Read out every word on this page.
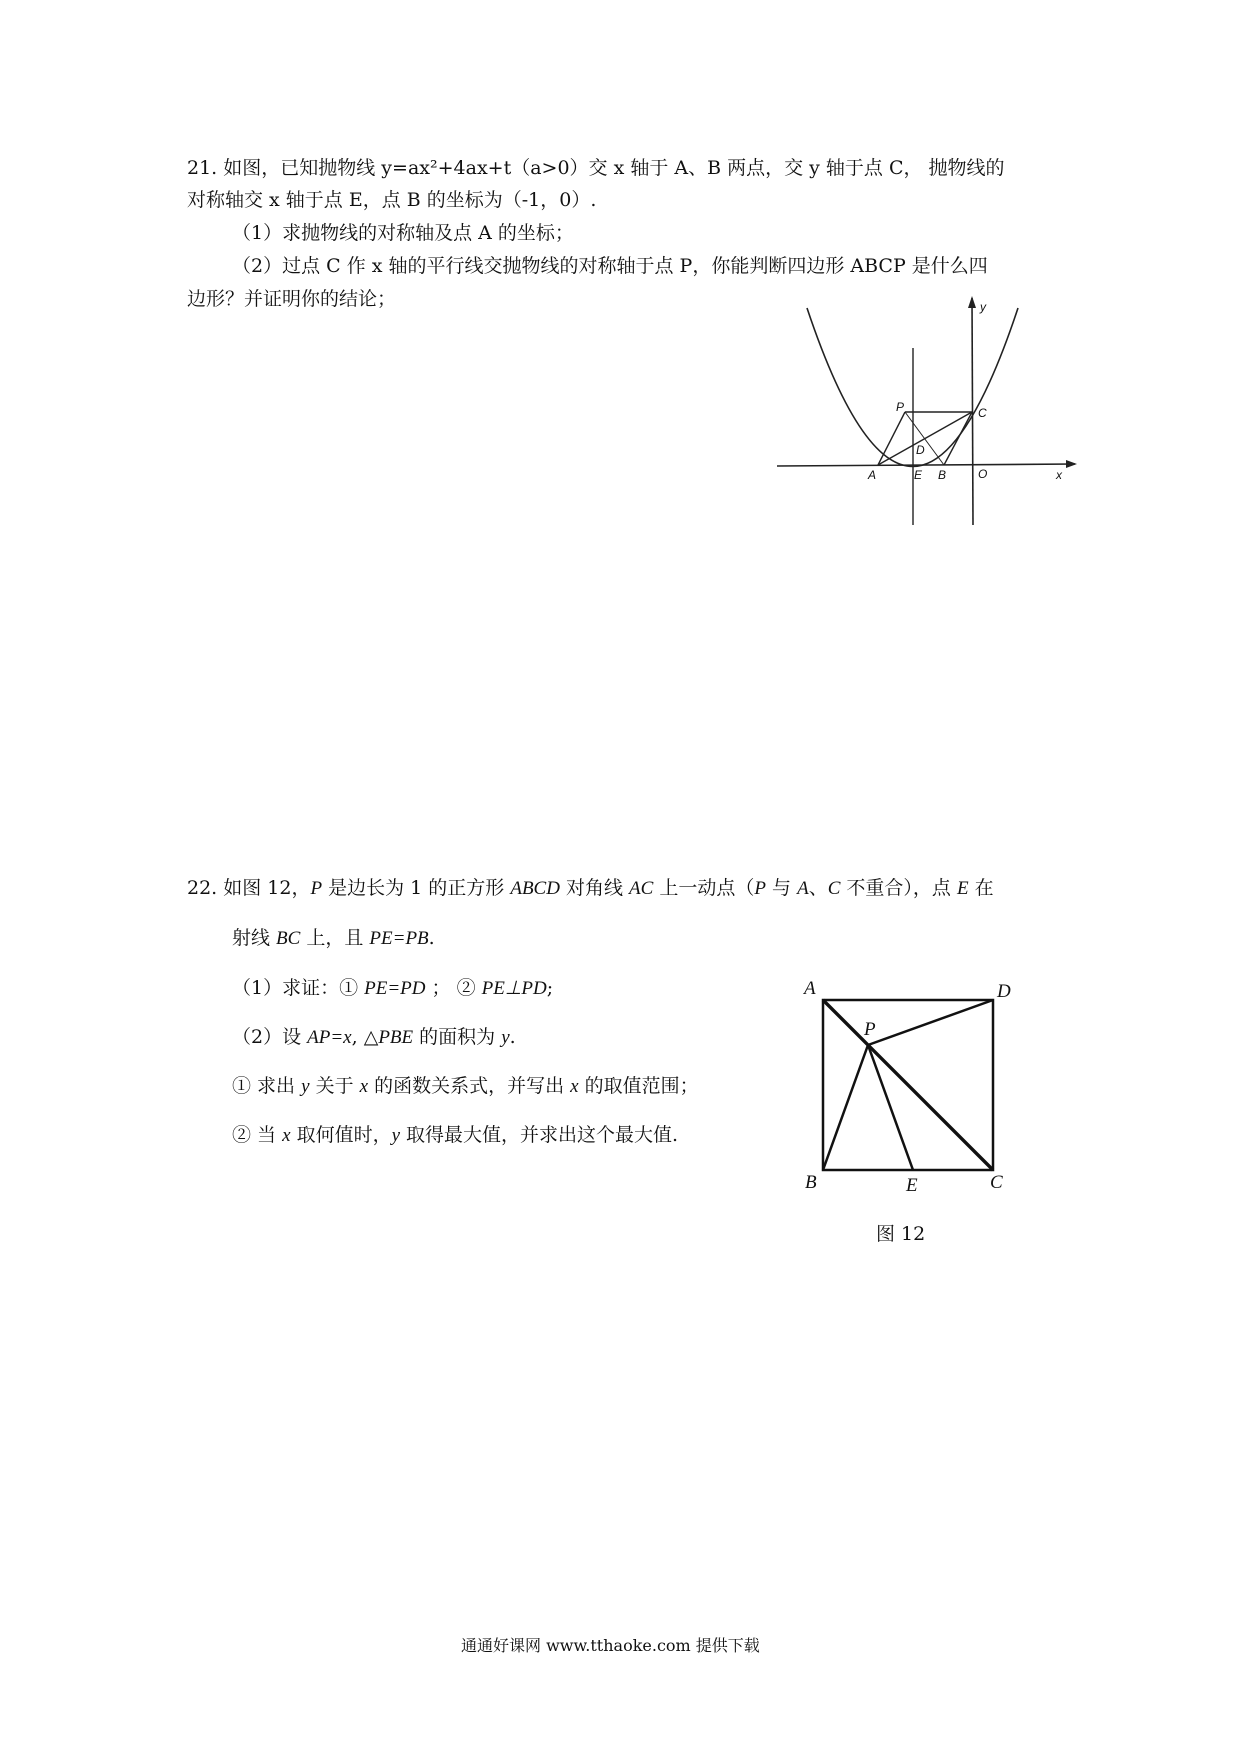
21. 如图，已知抛物线 y=ax²+4ax+t（a>0）交 x 轴于 A、B 两点，交 y 轴于点 C， 抛物线的
对称轴交 x 轴于点 E，点 B 的坐标为（-1，0）.
（1）求抛物线的对称轴及点 A 的坐标；
（2）过点 C 作 x 轴的平行线交抛物线的对称轴于点 P，你能判断四边形 ABCP 是什么四
边形？并证明你的结论；	y
x
P	C
D
A	E B	O
22. 如图 12，P 是边长为 1 的正方形 ABCD 对角线 AC 上一动点（P 与 A、C 不重合），点 E 在
射线 BC 上，且 PE=PB.
（1）求证：① PE=PD ； ② PE⊥PD;
（2）设 AP=x, △PBE 的面积为 y.
① 求出 y 关于 x 的函数关系式，并写出 x 的取值范围；
② 当 x 取何值时，y 取得最大值，并求出这个最大值.
A	D
P
B	E	C
图 12
通通好课网 www.tthaoke.com 提供下载
